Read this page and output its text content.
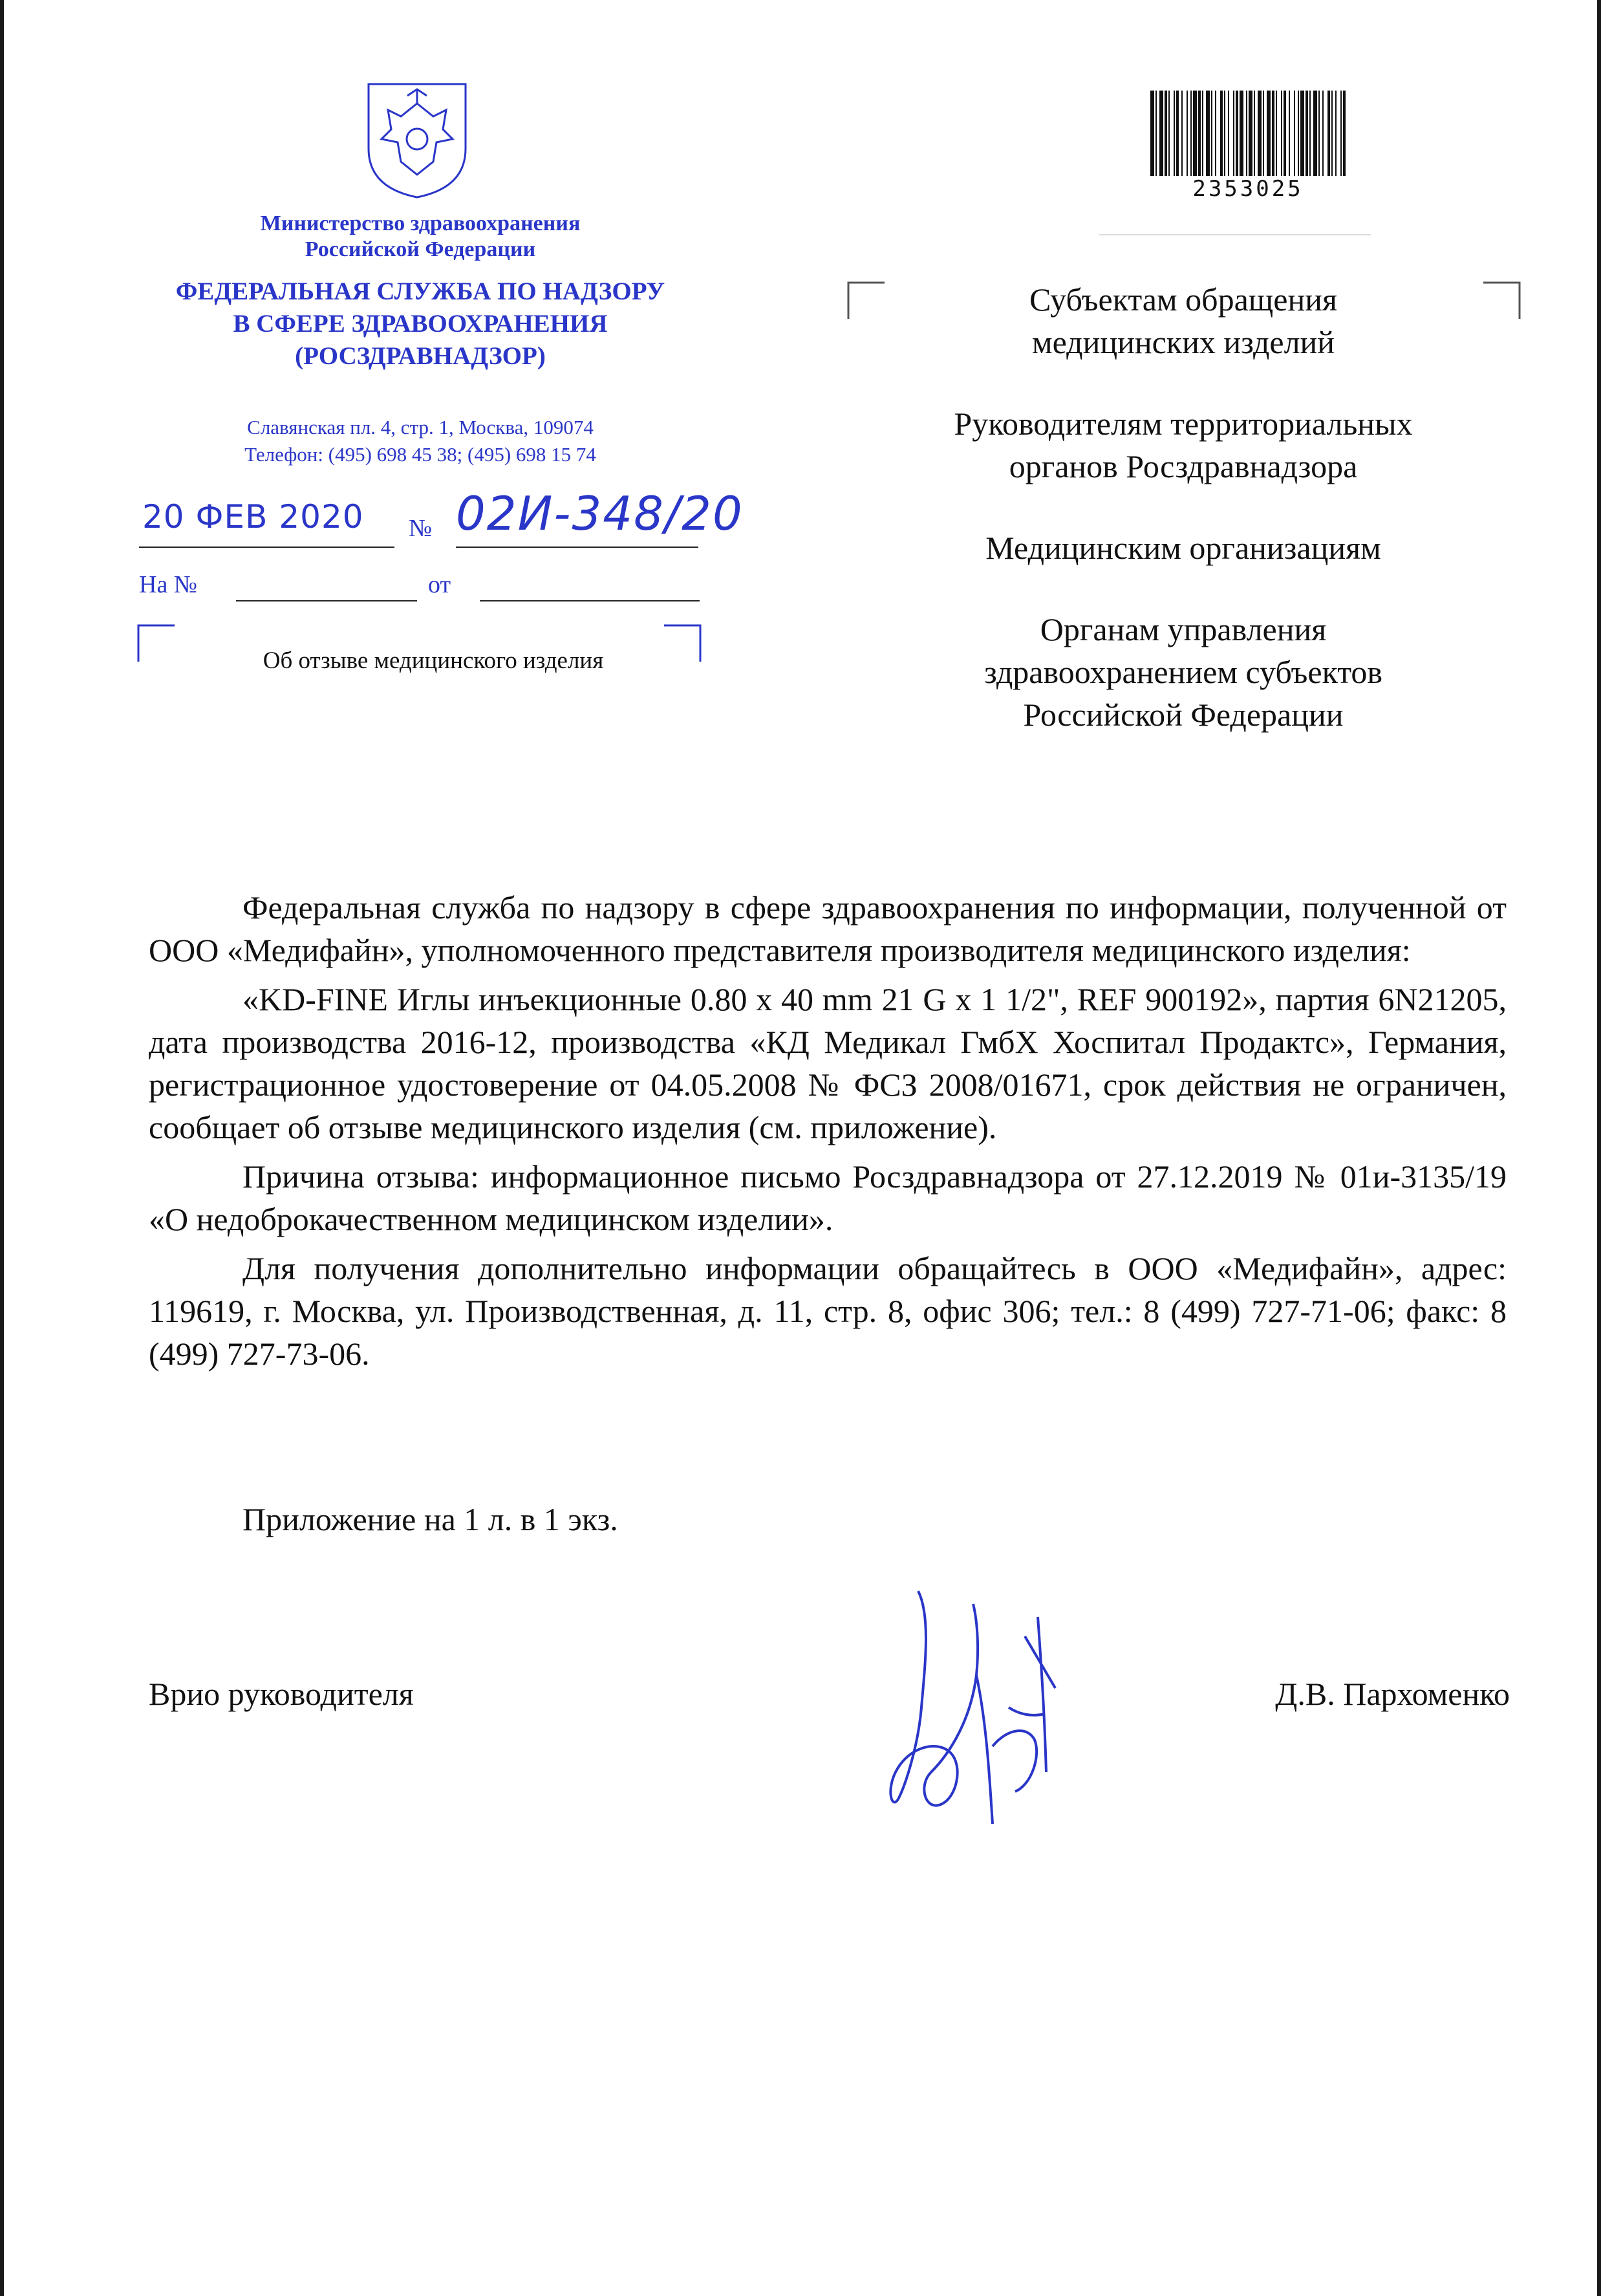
Министерство здравоохранения
Российской Федерации
ФЕДЕРАЛЬНАЯ СЛУЖБА ПО НАДЗОРУ
В СФЕРЕ ЗДРАВООХРАНЕНИЯ
(РОСЗДРАВНАДЗОР)
Славянская пл. 4, стр. 1, Москва, 109074
Телефон: (495) 698 45 38; (495) 698 15 74
20 ФЕВ 2020	№ 02И-348/20
На №	от
Об отзыве медицинского изделия
2353025
Субъектам обращения
медицинских изделий
Руководителям территориальных
органов Росздравнадзора
Медицинским организациям
Органам управления
здравоохранением субъектов
Российской Федерации

Федеральная служба по надзору в сфере здравоохранения по информации, полученной от ООО «Медифайн», уполномоченного представителя производителя медицинского изделия:

«KD-FINE Иглы инъекционные 0.80 x 40 mm 21 G x 1 1/2", REF 900192», партия 6N21205, дата производства 2016-12, производства «КД Медикал ГмбХ Хоспитал Продактс», Германия, регистрационное удостоверение от 04.05.2008 № ФСЗ 2008/01671, срок действия не ограничен, сообщает об отзыве медицинского изделия (см. приложение).

Причина отзыва: информационное письмо Росздравнадзора от 27.12.2019 № 01и-3135/19 «О недоброкачественном медицинском изделии».

Для получения дополнительно информации обращайтесь в ООО «Медифайн», адрес: 119619, г. Москва, ул. Производственная, д. 11, стр. 8, офис 306; тел.: 8 (499) 727-71-06; факс: 8 (499) 727-73-06.

Приложение на 1 л. в 1 экз.
Врио руководителя	Д.В. Пархоменко
